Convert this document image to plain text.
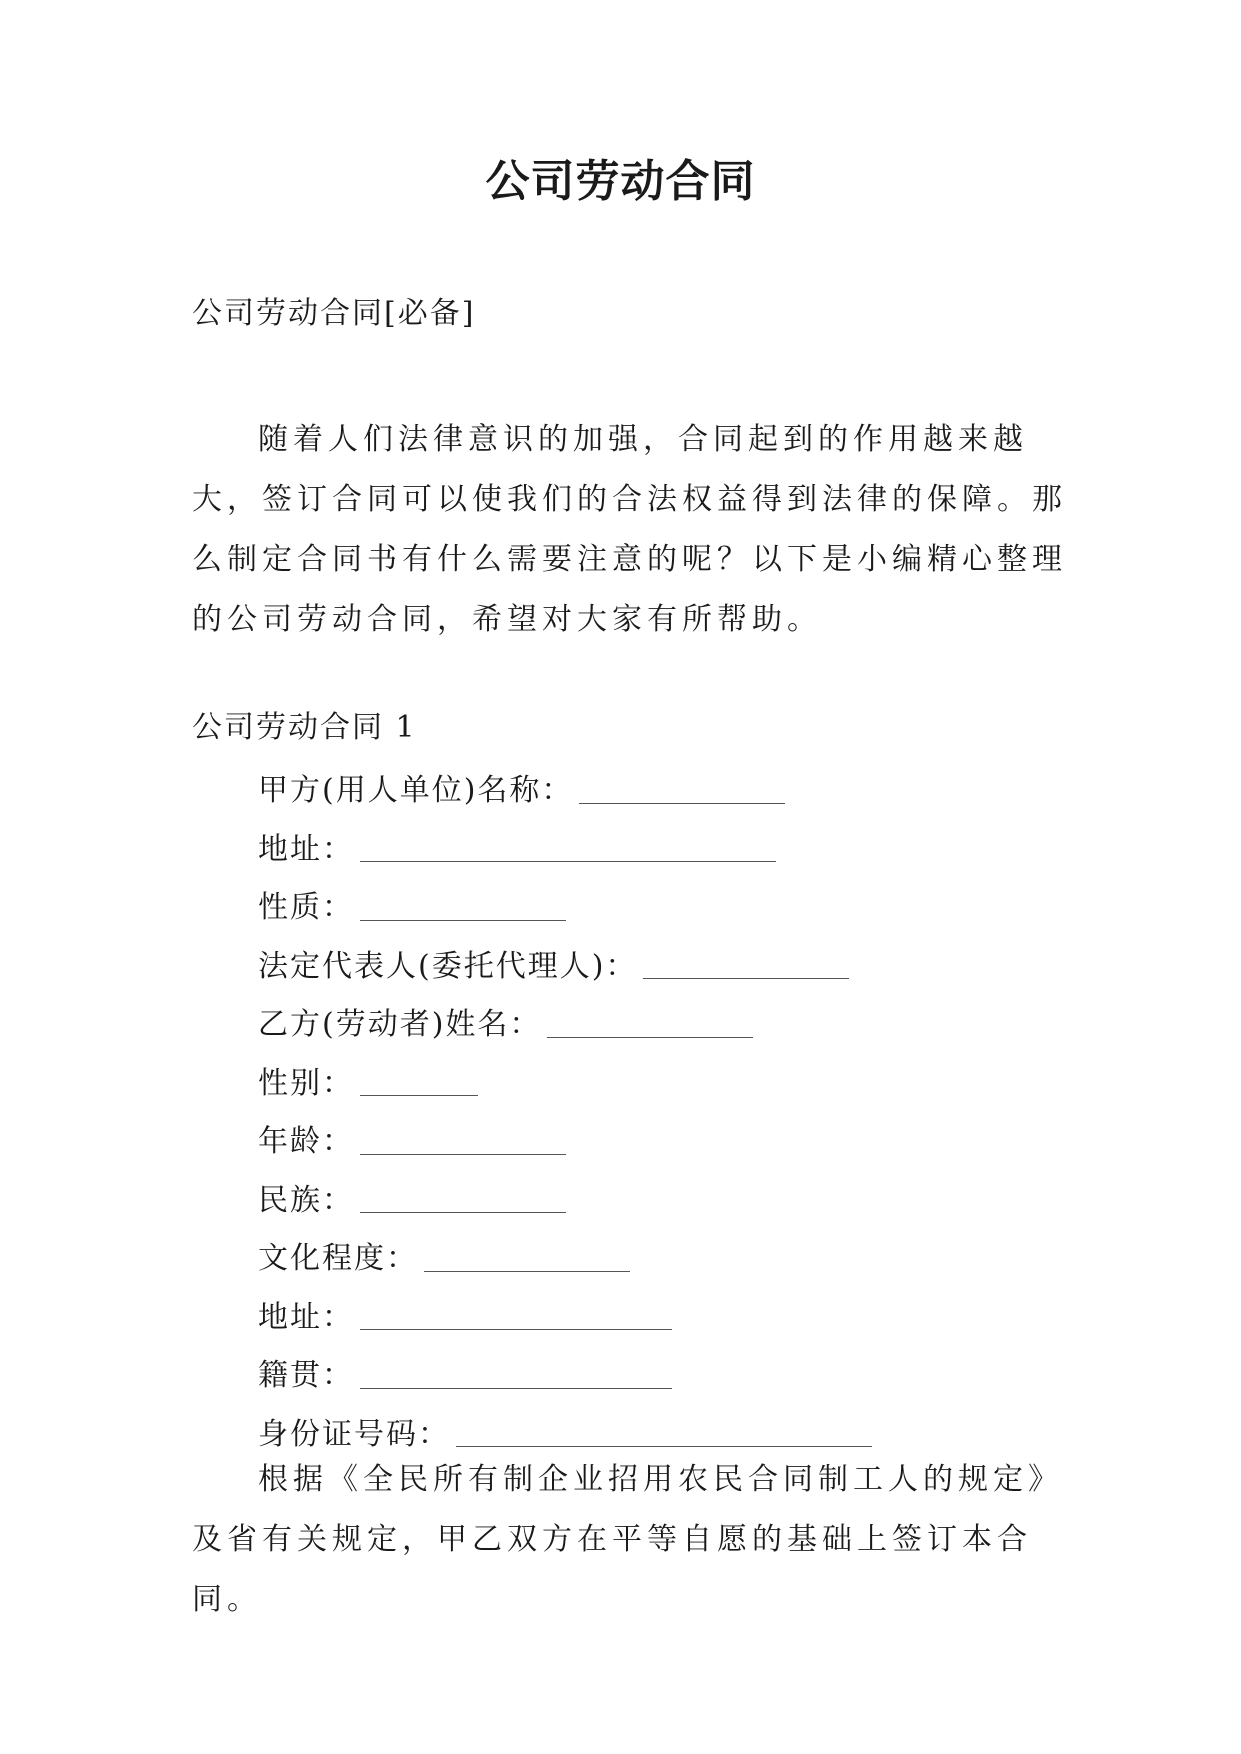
公司劳动合同
公司劳动合同[必备]

随着人们法律意识的加强，合同起到的作用越来越大，签订合同可以使我们的合法权益得到法律的保障。那么制定合同书有什么需要注意的呢？以下是小编精心整理的公司劳动合同，希望对大家有所帮助。

公司劳动合同 1
甲方(用人单位)名称：
地址：
性质：
法定代表人(委托代理人)：
乙方(劳动者)姓名：
性别：
年龄：
民族：
文化程度：
地址：
籍贯：
身份证号码：

根据《全民所有制企业招用农民合同制工人的规定》及省有关规定，甲乙双方在平等自愿的基础上签订本合同。
